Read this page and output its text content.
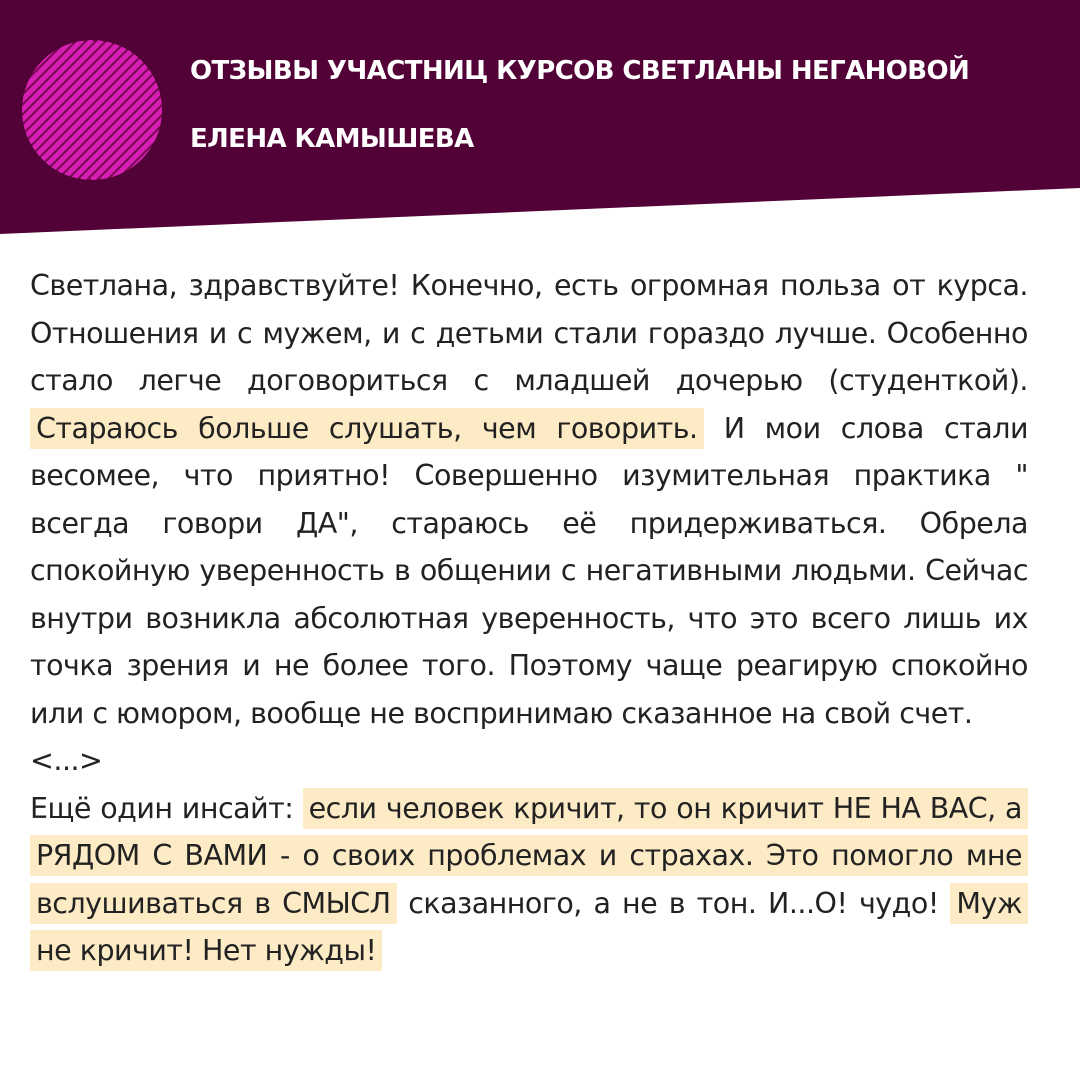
ОТЗЫВЫ УЧАСТНИЦ КУРСОВ СВЕТЛАНЫ НЕГАНОВОЙ
ЕЛЕНА КАМЫШЕВА

Светлана, здравствуйте! Конечно, есть огромная польза от курса. Отношения и с мужем, и с детьми стали гораздо лучше. Особенно стало легче договориться с младшей дочерью (студенткой). Стараюсь больше слушать, чем говорить. И мои слова стали весомее, что приятно! Совершенно изумительная практика " всегда говори ДА", стараюсь её придерживаться. Обрела спокойную уверенность в общении с негативными людьми. Сейчас внутри возникла абсолютная уверенность, что это всего лишь их точка зрения и не более того. Поэтому чаще реагирую спокойно или с юмором, вообще не воспринимаю сказанное на свой счет.

<...>

Ещё один инсайт: если человек кричит, то он кричит НЕ НА ВАС, а РЯДОМ С ВАМИ - о своих проблемах и страхах. Это помогло мне вслушиваться в СМЫСЛ сказанного, а не в тон. И...О! чудо! Муж не кричит! Нет нужды!
